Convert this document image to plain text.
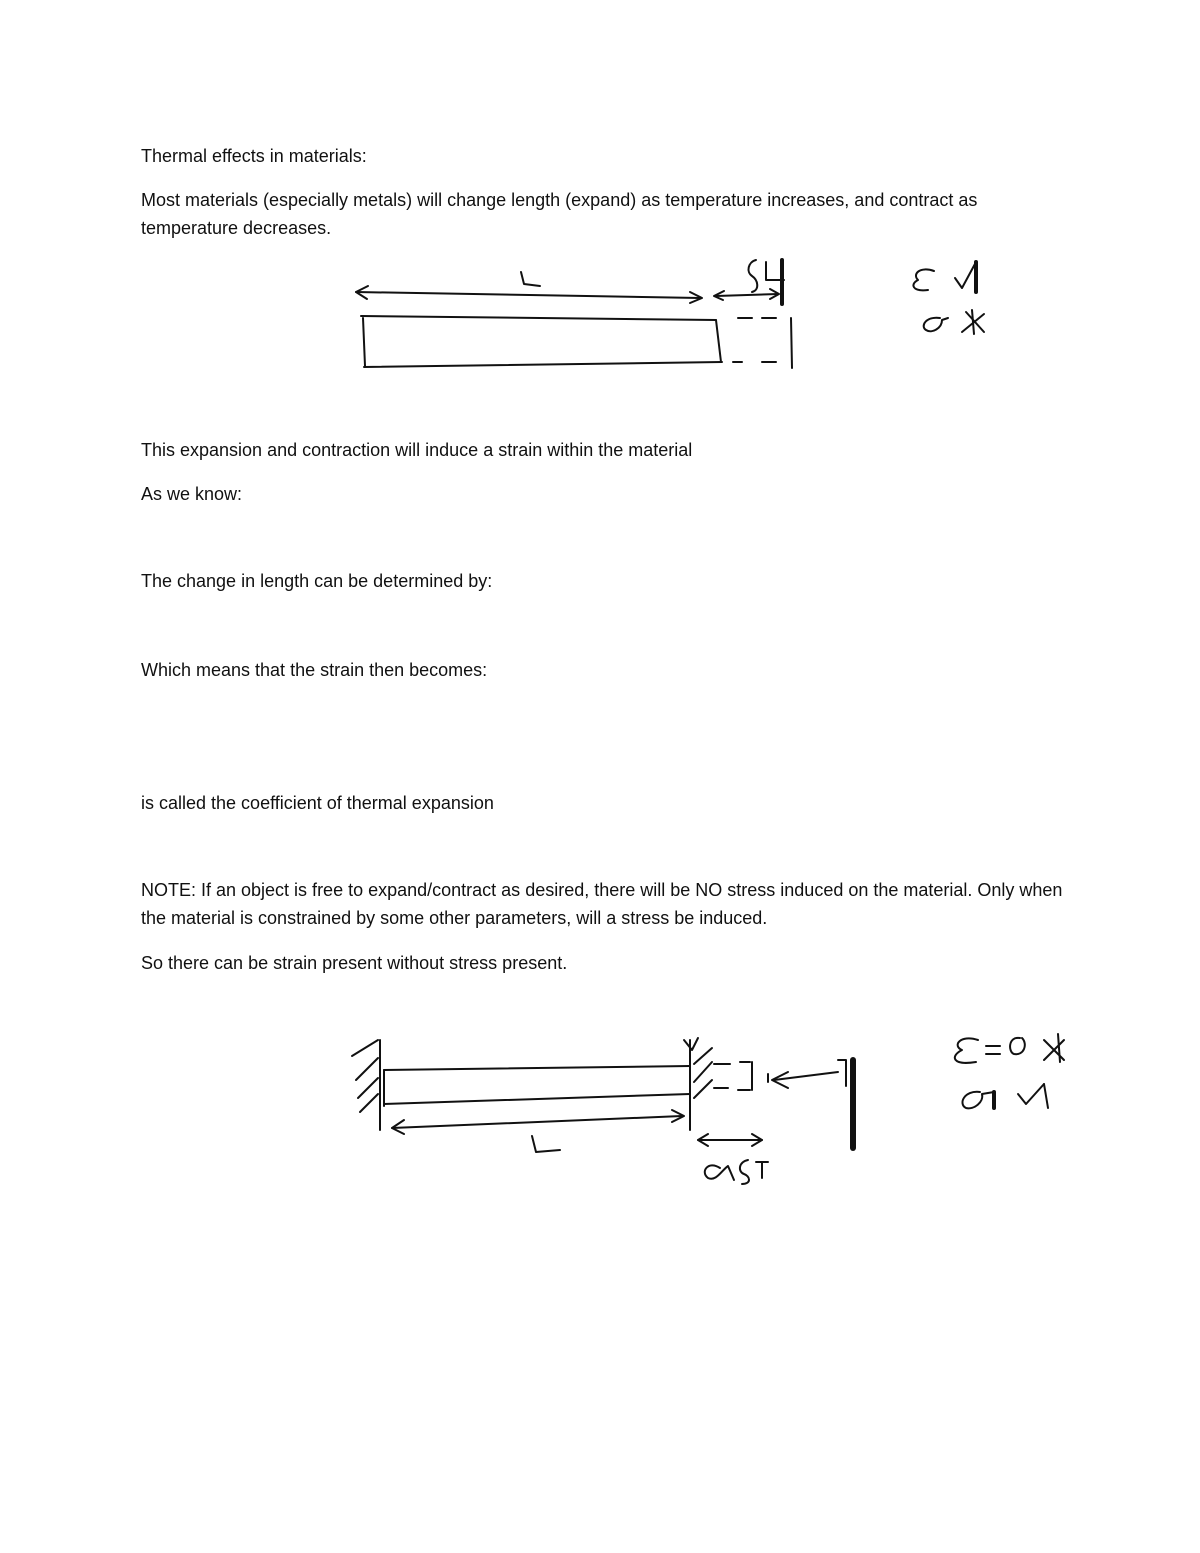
Thermal effects in materials:

Most materials (especially metals) will change length (expand) as temperature increases, and contract as temperature decreases.

This expansion and contraction will induce a strain within the material

As we know:

The change in length can be determined by:

Which means that the strain then becomes:

is called the coefficient of thermal expansion

NOTE: If an object is free to expand/contract as desired, there will be NO stress induced on the material. Only when the material is constrained by some other parameters, will a stress be induced.

So there can be strain present without stress present.
